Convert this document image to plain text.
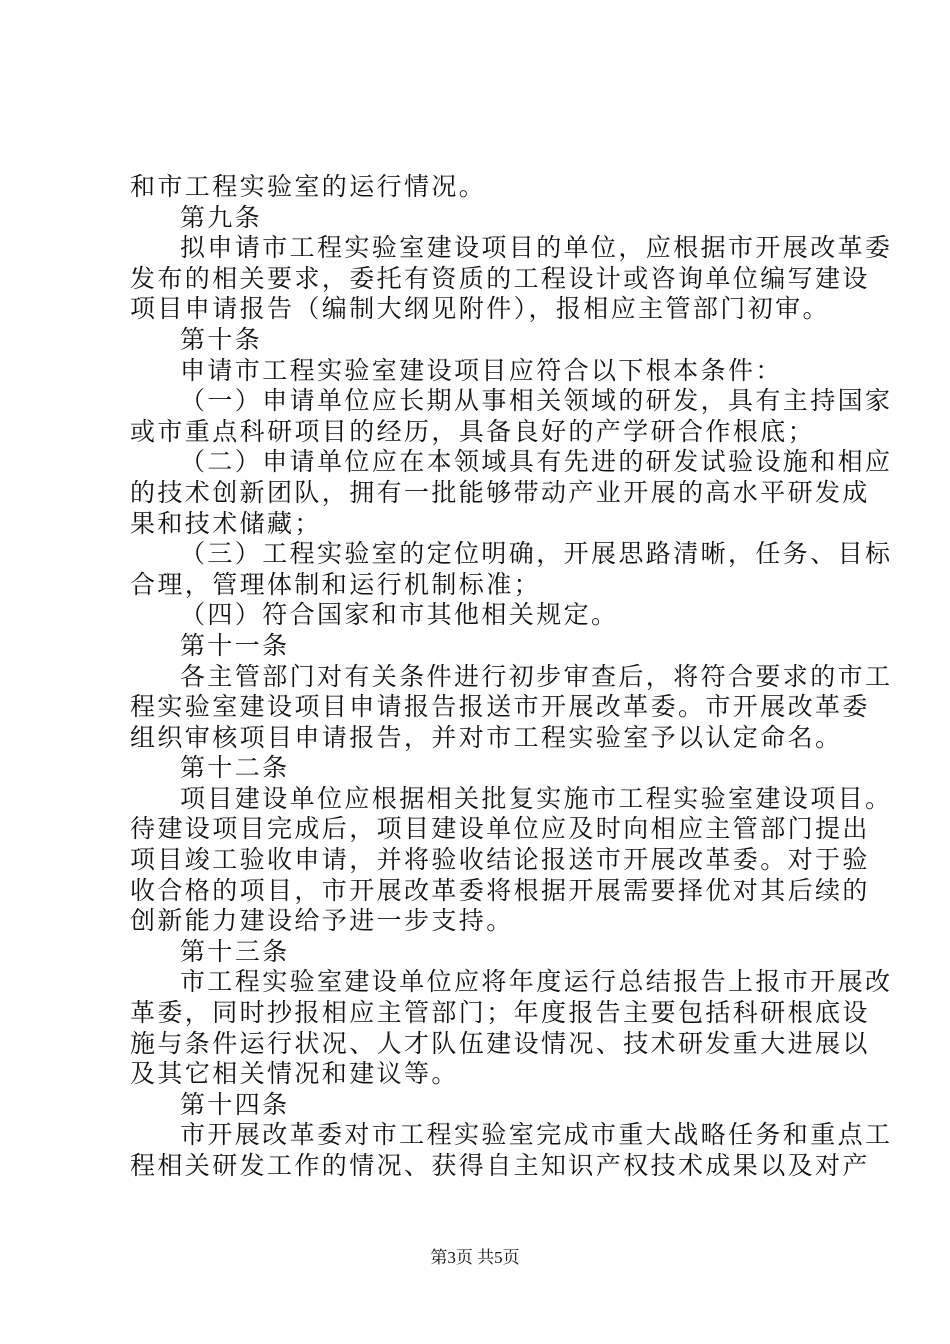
和市工程实验室的运行情况。
第九条
拟申请市工程实验室建设项目的单位，应根据市开展改革委
发布的相关要求，委托有资质的工程设计或咨询单位编写建设
项目申请报告（编制大纲见附件），报相应主管部门初审。
第十条
申请市工程实验室建设项目应符合以下根本条件：
（一）申请单位应长期从事相关领域的研发，具有主持国家
或市重点科研项目的经历，具备良好的产学研合作根底；
（二）申请单位应在本领域具有先进的研发试验设施和相应
的技术创新团队，拥有一批能够带动产业开展的高水平研发成
果和技术储藏；
（三）工程实验室的定位明确，开展思路清晰，任务、目标
合理，管理体制和运行机制标准；
（四）符合国家和市其他相关规定。
第十一条
各主管部门对有关条件进行初步审查后，将符合要求的市工
程实验室建设项目申请报告报送市开展改革委。市开展改革委
组织审核项目申请报告，并对市工程实验室予以认定命名。
第十二条
项目建设单位应根据相关批复实施市工程实验室建设项目。
待建设项目完成后，项目建设单位应及时向相应主管部门提出
项目竣工验收申请，并将验收结论报送市开展改革委。对于验
收合格的项目，市开展改革委将根据开展需要择优对其后续的
创新能力建设给予进一步支持。
第十三条
市工程实验室建设单位应将年度运行总结报告上报市开展改
革委，同时抄报相应主管部门；年度报告主要包括科研根底设
施与条件运行状况、人才队伍建设情况、技术研发重大进展以
及其它相关情况和建议等。
第十四条
市开展改革委对市工程实验室完成市重大战略任务和重点工
程相关研发工作的情况、获得自主知识产权技术成果以及对产
第3页 共5页
